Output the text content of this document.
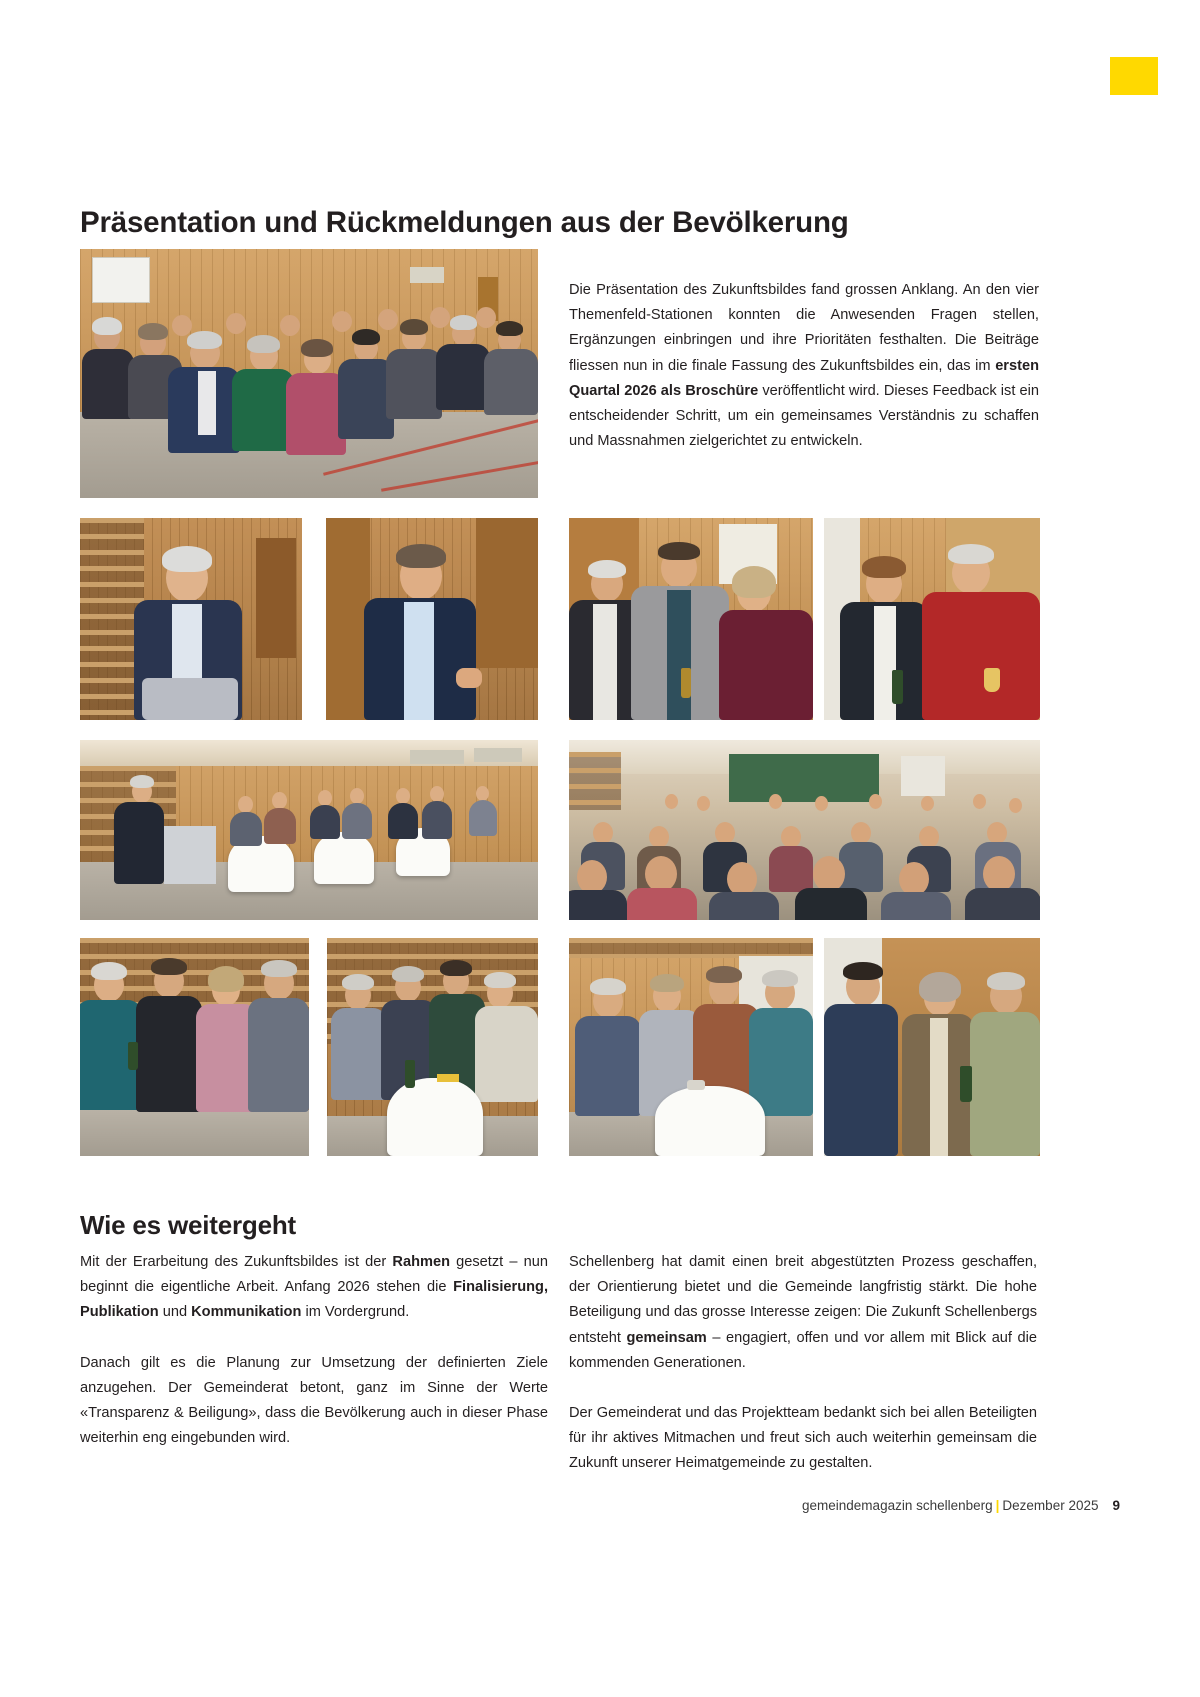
Präsentation und Rückmeldungen aus der Bevölkerung
Die Präsentation des Zukunftsbildes fand grossen Anklang. An den vier Themenfeld-Stationen konnten die Anwesenden Fragen stellen, Ergänzungen einbringen und ihre Prioritäten festhalten. Die Beiträge fliessen nun in die finale Fassung des Zukunftsbildes ein, das im ersten Quartal 2026 als Broschüre veröffentlicht wird. Dieses Feedback ist ein entscheidender Schritt, um ein gemeinsames Verständnis zu schaffen und Massnahmen zielgerichtet zu entwickeln.
Wie es weitergeht

Mit der Erarbeitung des Zukunftsbildes ist der Rahmen gesetzt – nun beginnt die eigentliche Arbeit. Anfang 2026 stehen die Finalisierung, Publikation und Kommunikation im Vordergrund.

Danach gilt es die Planung zur Umsetzung der definierten Ziele anzugehen. Der Gemeinderat betont, ganz im Sinne der Werte «Transparenz & Beiligung», dass die Bevölkerung auch in dieser Phase weiterhin eng eingebunden wird.

Schellenberg hat damit einen breit abgestützten Prozess geschaffen, der Orientierung bietet und die Gemeinde langfristig stärkt. Die hohe Beteiligung und das grosse Interesse zeigen: Die Zukunft Schellenbergs entsteht gemeinsam – engagiert, offen und vor allem mit Blick auf die kommenden Generationen.

Der Gemeinderat und das Projektteam bedankt sich bei allen Beteiligten für ihr aktives Mitmachen und freut sich auch weiterhin gemeinsam die Zukunft unserer Heimatgemeinde zu gestalten.

gemeindemagazin schellenberg | Dezember 2025 9
